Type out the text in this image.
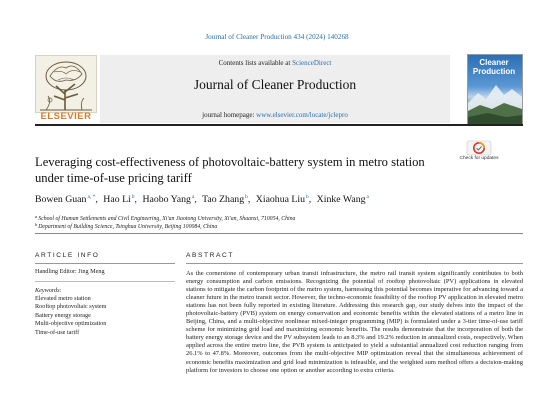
Journal of Cleaner Production 434 (2024) 140268
ELSEVIER
Contents lists available at ScienceDirect
Journal of Cleaner Production
journal homepage: www.elsevier.com/locate/jclepro
Cleaner Production
Leveraging cost-effectiveness of photovoltaic-battery system in metro station under time-of-use pricing tariff
Check for updates
Bowen Guan$^{a, *}$, Hao Li$^b$, Haobo Yang$^a$, Tao Zhang$^b$, Xiaohua Liu$^b$, Xinke Wang$^a$
$^a$School of Human Settlements and Civil Engineering, Xi'an Jiaotong University, Xi'an, Shaanxi, 710054, China
$^b$Department of Building Science, Tsinghua University, Beijing 100084, China
ARTICLE INFO	ABSTRACT
Handling Editor: Jing Meng
Keywords:
Elevated metro station
Rooftop photovoltaic system
Battery energy storage
Multi-objective optimization
Time-of-use tariff

As the cornerstone of contemporary urban transit infrastructure, the metro rail transit system significantly contributes to both energy consumption and carbon emissions. Recognizing the potential of rooftop photovoltaic (PV) applications in elevated stations to mitigate the carbon footprint of the metro system, harnessing this potential becomes imperative for advancing toward a cleaner future in the metro transit sector. However, the techno-economic feasibility of the rooftop PV application in elevated metro stations has not been fully reported in existing literature. Addressing this research gap, our study delves into the impact of the photovoltaic-battery (PVB) system on energy conservation and economic benefits within the elevated stations of a metro line in Beijing, China, and a multi-objective nonlinear mixed-integer programming (MIP) is formulated under a 3-tier time-of-use tariff scheme for minimizing grid load and maximizing economic benefits. The results demonstrate that the incorporation of both the battery energy storage device and the PV subsystem leads to an 8.3% and 19.2% reduction in annualized costs, respectively. When applied across the entire metro line, the PVB system is anticipated to yield a substantial annualized cost reduction ranging from 26.1% to 47.8%. Moreover, outcomes from the multi-objective MIP optimization reveal that the simultaneous achievement of economic benefits maximization and grid load minimization is infeasible, and the weighted sum method offers a decision-making platform for investors to choose one option or another according to extra criteria.
